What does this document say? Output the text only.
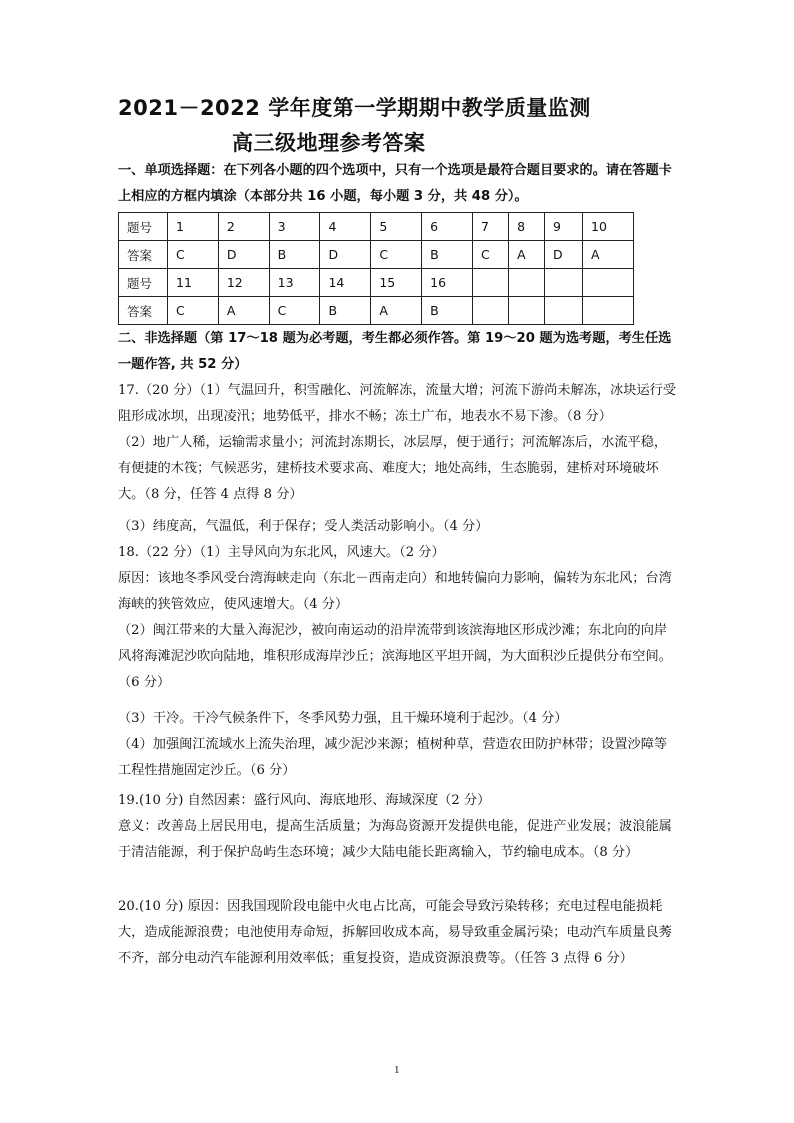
2021－2022 学年度第一学期期中教学质量监测
高三级地理参考答案
一、单项选择题：在下列各小题的四个选项中，只有一个选项是最符合题目要求的。请在答题卡上相应的方框内填涂（本部分共 16 小题，每小题 3 分，共 48 分）。
题号	1	2	3	4	5	6	7	8	9	10
答案	C	D	B	D	C	B	C	A	D	A
题号	11	12	13	14	15	16				
答案	C	A	C	B	A	B				
二、非选择题（第 17～18 题为必考题，考生都必须作答。第 19～20 题为选考题，考生任选一题作答, 共 52 分）
17.（20 分）（1）气温回升，积雪融化、河流解冻，流量大增；河流下游尚未解冻，冰块运行受阻形成冰坝，出现凌汛；地势低平，排水不畅；冻土广布，地表水不易下渗。（8 分）
（2）地广人稀，运输需求量小；河流封冻期长，冰层厚，便于通行；河流解冻后，水流平稳，有便捷的木筏；气候恶劣，建桥技术要求高、难度大；地处高纬，生态脆弱，建桥对环境破坏大。（8 分，任答 4 点得 8 分）
（3）纬度高，气温低，利于保存；受人类活动影响小。（4 分）
18.（22 分）（1）主导风向为东北风，风速大。（2 分）
原因：该地冬季风受台湾海峡走向（东北－西南走向）和地转偏向力影响，偏转为东北风；台湾海峡的狭管效应，使风速增大。（4 分）
（2）闽江带来的大量入海泥沙，被向南运动的沿岸流带到该滨海地区形成沙滩；东北向的向岸风将海滩泥沙吹向陆地，堆积形成海岸沙丘；滨海地区平坦开阔，为大面积沙丘提供分布空间。（6 分）
（3）干冷。干冷气候条件下，冬季风势力强，且干燥环境利于起沙。（4 分）
（4）加强闽江流域水上流失治理，减少泥沙来源；植树种草，营造农田防护林带；设置沙障等工程性措施固定沙丘。（6 分）
19.(10 分) 自然因素：盛行风向、海底地形、海域深度（2 分）
意义：改善岛上居民用电，提高生活质量；为海岛资源开发提供电能，促进产业发展；波浪能属于清洁能源，利于保护岛屿生态环境；减少大陆电能长距离输入，节约输电成本。（8 分）
20.(10 分) 原因：因我国现阶段电能中火电占比高，可能会导致污染转移；充电过程电能损耗大，造成能源浪费；电池使用寿命短，拆解回收成本高，易导致重金属污染；电动汽车质量良莠不齐，部分电动汽车能源利用效率低；重复投资，造成资源浪费等。（任答 3 点得 6 分）
1
